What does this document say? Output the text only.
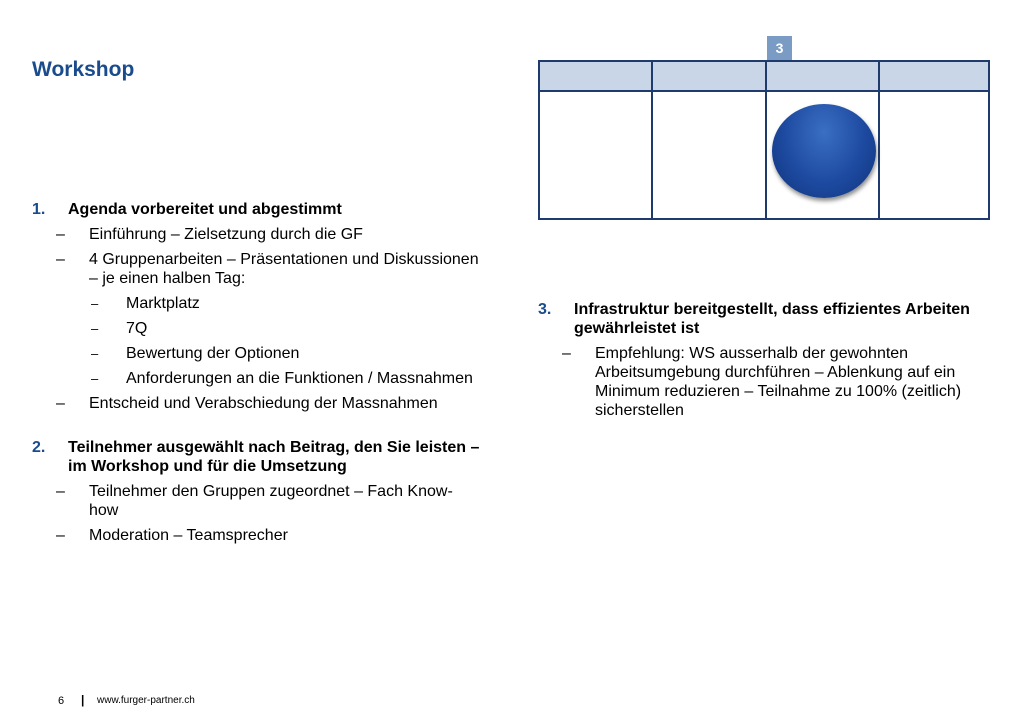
Workshop
3
1. Agenda vorbereitet und abgestimmt
– Einführung – Zielsetzung durch die GF
– 4 Gruppenarbeiten – Präsentationen und Diskussionen – je einen halben Tag:
– Marktplatz
– 7Q
– Bewertung der Optionen
– Anforderungen an die Funktionen / Massnahmen
– Entscheid und Verabschiedung der Massnahmen
2. Teilnehmer ausgewählt nach Beitrag, den Sie leisten – im Workshop und für die Umsetzung
– Teilnehmer den Gruppen zugeordnet – Fach Know-how
– Moderation – Teamsprecher
3. Infrastruktur bereitgestellt, dass effizientes Arbeiten gewährleistet ist
– Empfehlung: WS ausserhalb der gewohnten Arbeitsumgebung durchführen – Ablenkung auf ein Minimum reduzieren – Teilnahme zu 100% (zeitlich) sicherstellen
6 | www.furger-partner.ch
